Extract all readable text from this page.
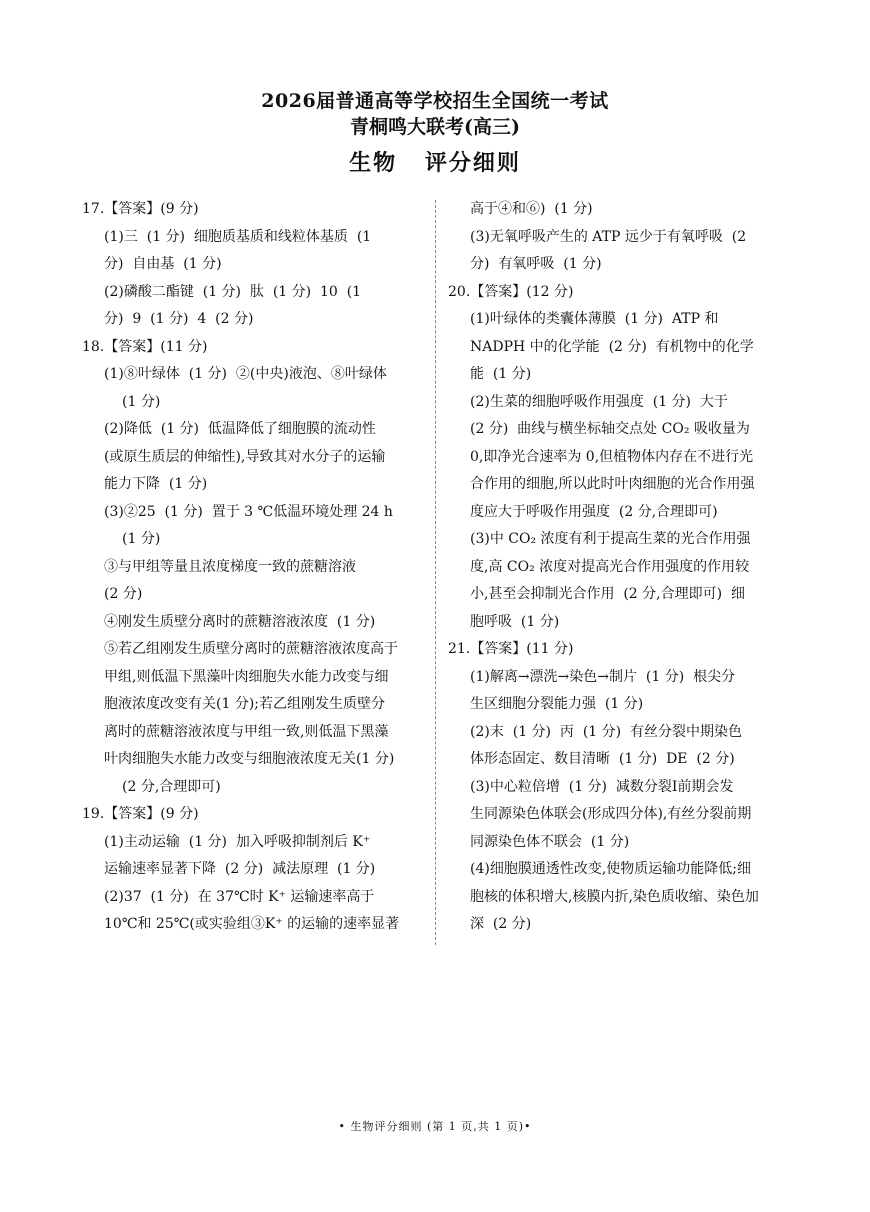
2026届普通高等学校招生全国统一考试
青桐鸣大联考(高三)
生物 评分细则
17.【答案】(9 分)
(1)三  (1 分)  细胞质基质和线粒体基质  (1
分)  自由基  (1 分)
(2)磷酸二酯键  (1 分)  肽  (1 分)  10  (1
分)  9  (1 分)  4  (2 分)
18.【答案】(11 分)
(1)⑧叶绿体  (1 分)  ②(中央)液泡、⑧叶绿体
(1 分)
(2)降低  (1 分)  低温降低了细胞膜的流动性
(或原生质层的伸缩性),导致其对水分子的运输
能力下降  (1 分)
(3)②25  (1 分)  置于 3 ℃低温环境处理 24 h
(1 分)
③与甲组等量且浓度梯度一致的蔗糖溶液
(2 分)
④刚发生质壁分离时的蔗糖溶液浓度  (1 分)
⑤若乙组刚发生质壁分离时的蔗糖溶液浓度高于
甲组,则低温下黑藻叶肉细胞失水能力改变与细
胞液浓度改变有关(1 分);若乙组刚发生质壁分
离时的蔗糖溶液浓度与甲组一致,则低温下黑藻
叶肉细胞失水能力改变与细胞液浓度无关(1 分)
(2 分,合理即可)
19.【答案】(9 分)
(1)主动运输  (1 分)  加入呼吸抑制剂后 K⁺
运输速率显著下降  (2 分)  减法原理  (1 分)
(2)37  (1 分)  在 37℃时 K⁺ 运输速率高于
10℃和 25℃(或实验组③K⁺ 的运输的速率显著
高于④和⑥)  (1 分)
(3)无氧呼吸产生的 ATP 远少于有氧呼吸  (2
分)  有氧呼吸  (1 分)
20.【答案】(12 分)
(1)叶绿体的类囊体薄膜  (1 分)  ATP 和
NADPH 中的化学能  (2 分)  有机物中的化学
能  (1 分)
(2)生菜的细胞呼吸作用强度  (1 分)  大于
(2 分)  曲线与横坐标轴交点处 CO₂ 吸收量为
0,即净光合速率为 0,但植物体内存在不进行光
合作用的细胞,所以此时叶肉细胞的光合作用强
度应大于呼吸作用强度  (2 分,合理即可)
(3)中 CO₂ 浓度有利于提高生菜的光合作用强
度,高 CO₂ 浓度对提高光合作用强度的作用较
小,甚至会抑制光合作用  (2 分,合理即可)  细
胞呼吸  (1 分)
21.【答案】(11 分)
(1)解离→漂洗→染色→制片  (1 分)  根尖分
生区细胞分裂能力强  (1 分)
(2)末  (1 分)  丙  (1 分)  有丝分裂中期染色
体形态固定、数目清晰  (1 分)  DE  (2 分)
(3)中心粒倍增  (1 分)  减数分裂Ⅰ前期会发
生同源染色体联会(形成四分体),有丝分裂前期
同源染色体不联会  (1 分)
(4)细胞膜通透性改变,使物质运输功能降低;细
胞核的体积增大,核膜内折,染色质收缩、染色加
深  (2 分)
• 生物评分细则 (第 1 页,共 1 页)•
